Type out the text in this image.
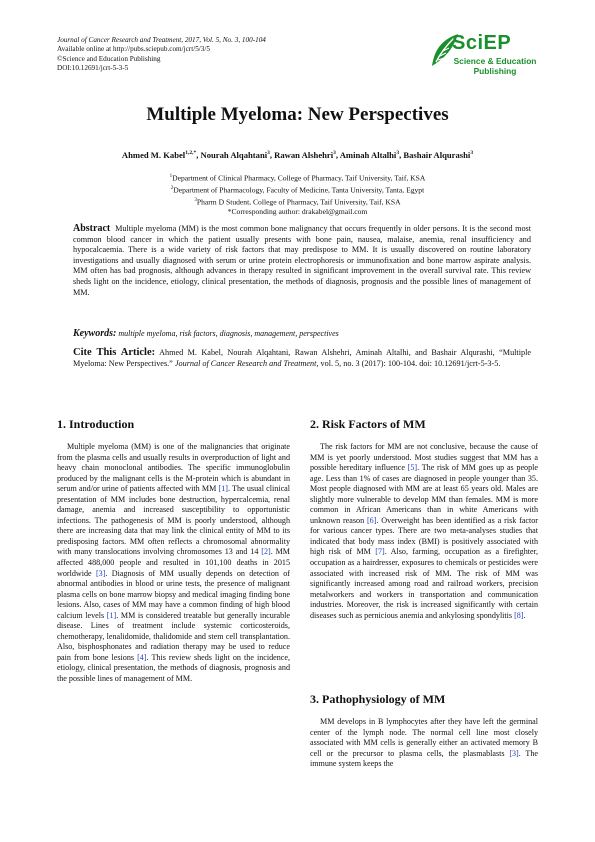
Journal of Cancer Research and Treatment, 2017, Vol. 5, No. 3, 100-104
Available online at http://pubs.sciepub.com/jcrt/5/3/5
©Science and Education Publishing
DOI:10.12691/jcrt-5-3-5
SciEP
Science & Education
Publishing
Multiple Myeloma: New Perspectives
Ahmed M. Kabel$^{1,2,*}$, Nourah Alqahtani$^3$, Rawan Alshehri$^3$, Aminah Altalhi$^3$, Bashair Alqurashi$^3$
$^1$Department of Clinical Pharmacy, College of Pharmacy, Taif University, Taif, KSA
$^2$Department of Pharmacology, Faculty of Medicine, Tanta University, Tanta, Egypt
$^3$Pharm D Student, College of Pharmacy, Taif University, Taif, KSA
*Corresponding author: drakabel@gmail.com
Abstract Multiple myeloma (MM) is the most common bone malignancy that occurs frequently in older persons. It is the second most common blood cancer in which the patient usually presents with bone pain, nausea, malaise, anemia, renal insufficiency and hypocalcaemia. There is a wide variety of risk factors that may predispose to MM. It is usually discovered on routine laboratory investigations and usually diagnosed with serum or urine protein electrophoresis or immunofixation and bone marrow aspirate analysis. MM often has bad prognosis, although advances in therapy resulted in significant improvement in the overall survival rate. This review sheds light on the incidence, etiology, clinical presentation, the methods of diagnosis, prognosis and the possible lines of management of MM.
Keywords: multiple myeloma, risk factors, diagnosis, management, perspectives
Cite This Article: Ahmed M. Kabel, Nourah Alqahtani, Rawan Alshehri, Aminah Altalhi, and Bashair Alqurashi, “Multiple Myeloma: New Perspectives.” Journal of Cancer Research and Treatment, vol. 5, no. 3 (2017): 100-104. doi: 10.12691/jcrt-5-3-5.
1. Introduction

Multiple myeloma (MM) is one of the malignancies that originate from the plasma cells and usually results in overproduction of light and heavy chain monoclonal antibodies. The specific immunoglobulin produced by the malignant cells is the M-protein which is abundant in serum and/or urine of patients affected with MM [1]. The usual clinical presentation of MM includes bone destruction, hypercalcemia, renal damage, anemia and increased susceptibility to opportunistic infections. The pathogenesis of MM is poorly understood, although there are increasing data that may link the clinical entity of MM to its predisposing factors. MM often reflects a chromosomal abnormality with many translocations involving chromosomes 13 and 14 [2]. MM affected 488,000 people and resulted in 101,100 deaths in 2015 worldwide [3]. Diagnosis of MM usually depends on detection of abnormal antibodies in blood or urine tests, the presence of malignant plasma cells on bone marrow biopsy and medical imaging finding bone lesions. Also, cases of MM may have a common finding of high blood calcium levels [1]. MM is considered treatable but generally incurable disease. Lines of treatment include systemic corticosteroids, chemotherapy, lenalidomide, thalidomide and stem cell transplantation. Also, bisphosphonates and radiation therapy may be used to reduce pain from bone lesions [4]. This review sheds light on the incidence, etiology, clinical presentation, the methods of diagnosis, prognosis and the possible lines of management of MM.

2. Risk Factors of MM

The risk factors for MM are not conclusive, because the cause of MM is yet poorly understood. Most studies suggest that MM has a possible hereditary influence [5]. The risk of MM goes up as people age. Less than 1% of cases are diagnosed in people younger than 35. Most people diagnosed with MM are at least 65 years old. Males are slightly more vulnerable to develop MM than females. MM is more common in African Americans than in white Americans with unknown reason [6]. Overweight has been identified as a risk factor for various cancer types. There are two meta-analyses studies that indicated that body mass index (BMI) is positively associated with high risk of MM [7]. Also, farming, occupation as a firefighter, occupation as a hairdresser, exposures to chemicals or pesticides were associated with increased risk of MM. The risk of MM was significantly increased among road and railroad workers, precision metalworkers and workers in transportation and communication industries. Moreover, the risk is increased significantly with certain diseases such as pernicious anemia and ankylosing spondylitis [8].

3. Pathophysiology of MM

MM develops in B lymphocytes after they have left the germinal center of the lymph node. The normal cell line most closely associated with MM cells is generally either an activated memory B cell or the precursor to plasma cells, the plasmablasts [3]. The immune system keeps the
